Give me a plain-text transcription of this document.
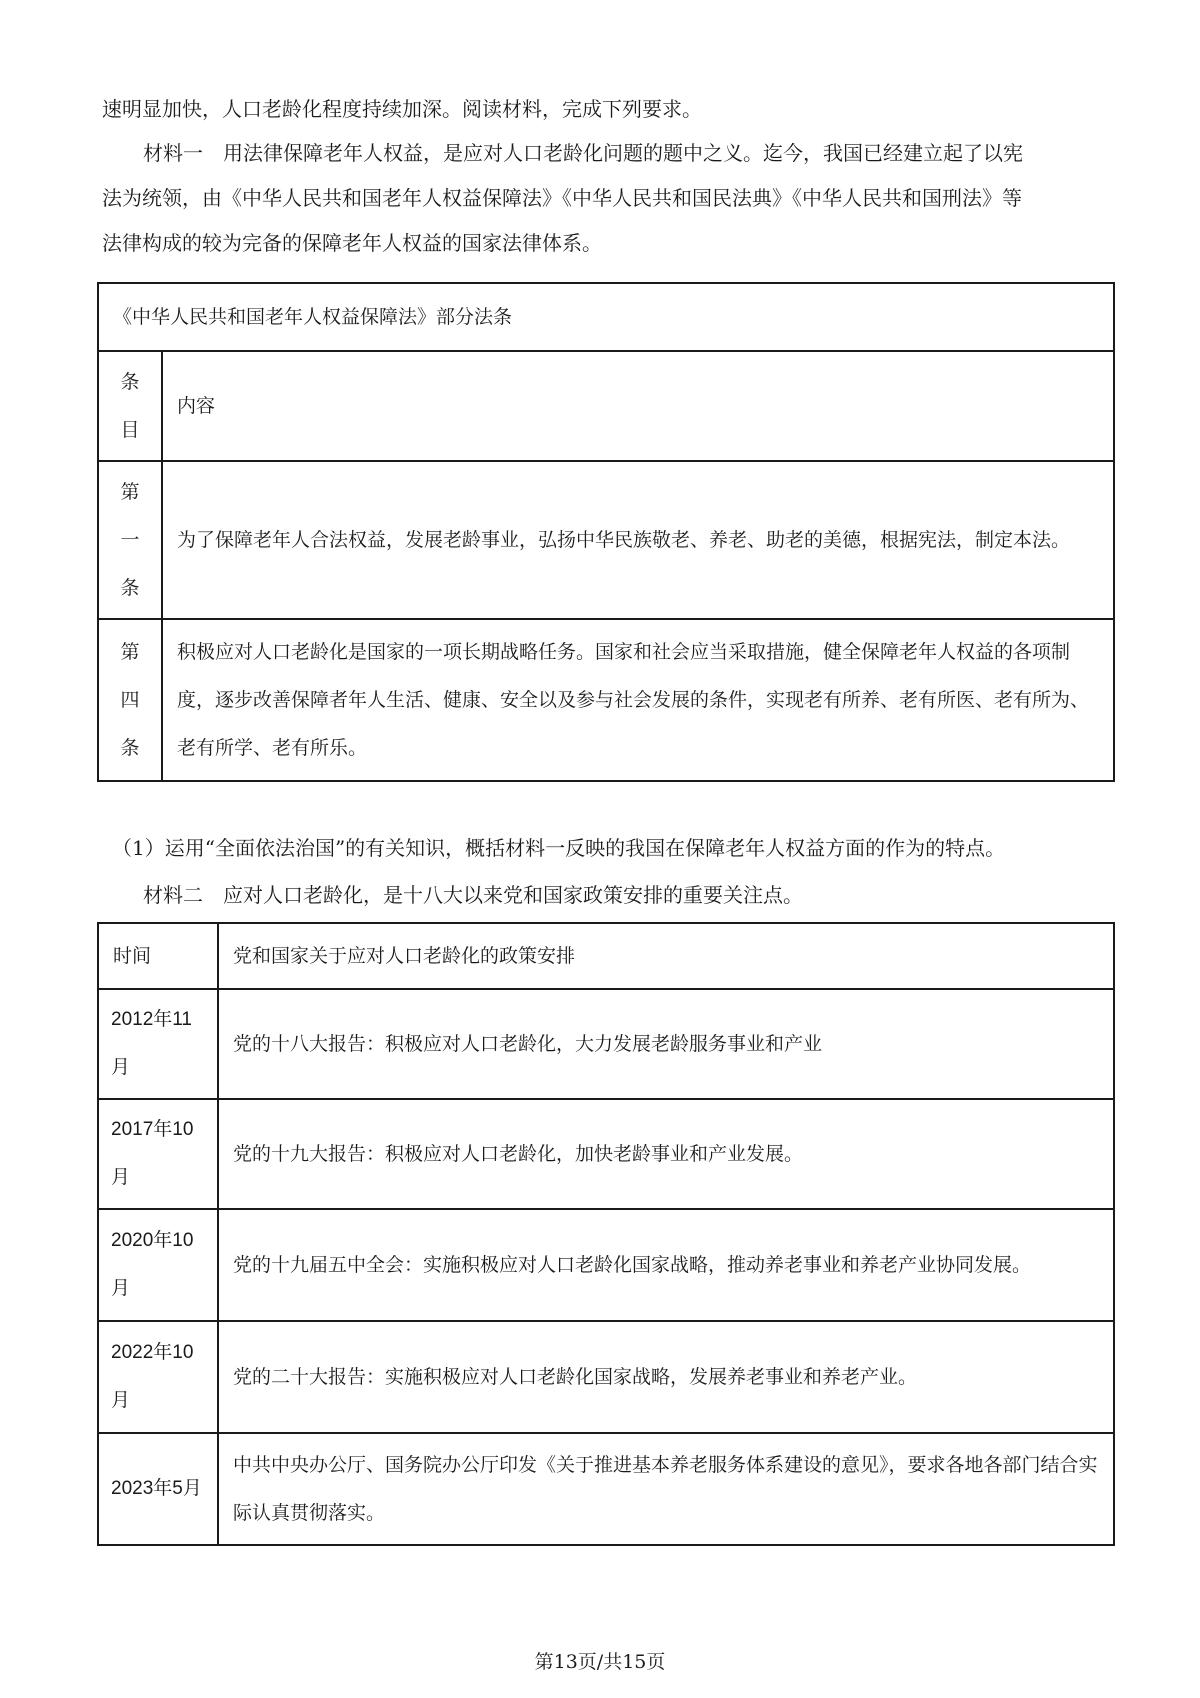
速明显加快，人口老龄化程度持续加深。阅读材料，完成下列要求。
材料一　用法律保障老年人权益，是应对人口老龄化问题的题中之义。迄今，我国已经建立起了以宪
法为统领，由《中华人民共和国老年人权益保障法》《中华人民共和国民法典》《中华人民共和国刑法》等
法律构成的较为完备的保障老年人权益的国家法律体系。
《中华人民共和国老年人权益保障法》部分法条	

条目	内容

第一条	为了保障老年人合法权益，发展老龄事业，弘扬中华民族敬老、养老、助老的美德，根据宪法，制定本法。

第四条	积极应对人口老龄化是国家的一项长期战略任务。国家和社会应当采取措施，健全保障老年人权益的各项制度，逐步改善保障者年人生活、健康、安全以及参与社会发展的条件，实现老有所养、老有所医、老有所为、老有所学、老有所乐。
（1）运用“全面依法治国”的有关知识，概括材料一反映的我国在保障老年人权益方面的作为的特点。
材料二　应对人口老龄化，是十八大以来党和国家政策安排的重要关注点。
时间	党和国家关于应对人口老龄化的政策安排
2012年11月	党的十八大报告：积极应对人口老龄化，大力发展老龄服务事业和产业
2017年10月	党的十九大报告：积极应对人口老龄化，加快老龄事业和产业发展。
2020年10月	党的十九届五中全会：实施积极应对人口老龄化国家战略，推动养老事业和养老产业协同发展。
2022年10月	党的二十大报告：实施积极应对人口老龄化国家战略，发展养老事业和养老产业。
2023年5月	中共中央办公厅、国务院办公厅印发《关于推进基本养老服务体系建设的意见》，要求各地各部门结合实际认真贯彻落实。
第13页/共15页
